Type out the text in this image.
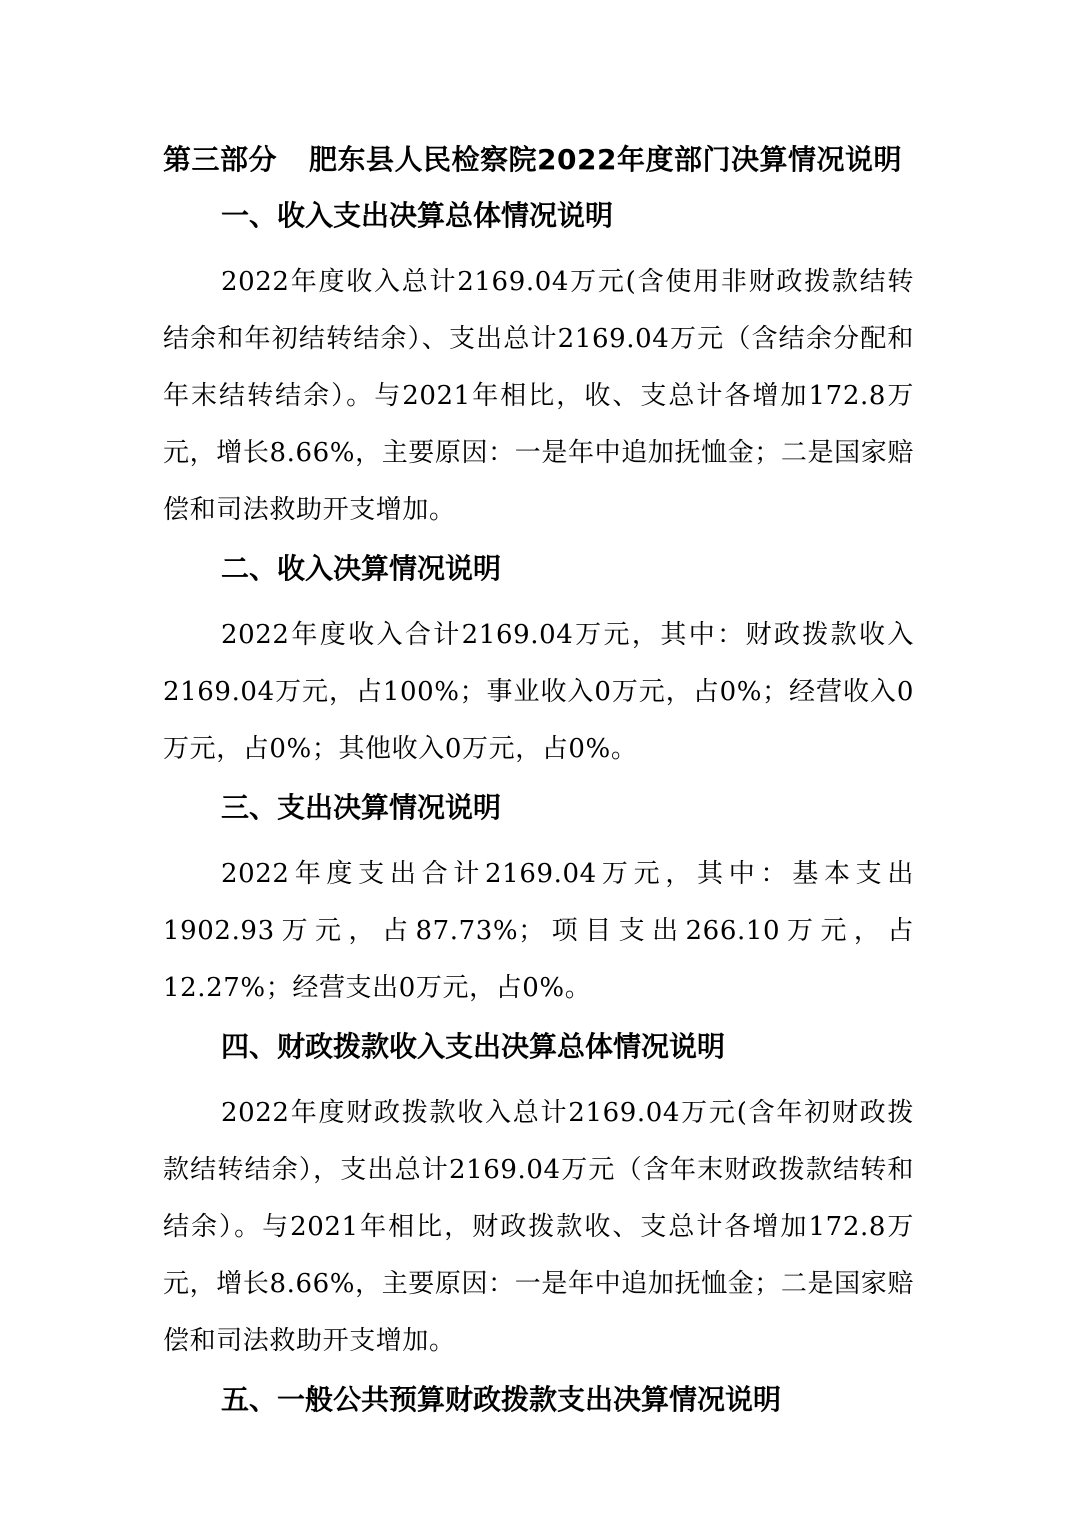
第三部分 肥东县人民检察院2022年度部门决算情况说明
一、收入支出决算总体情况说明

2022年度收入总计2169.04万元(含使用非财政拨款结转结余和年初结转结余）、支出总计2169.04万元（含结余分配和年末结转结余）。与2021年相比，收、支总计各增加172.8万元，增长8.66%，主要原因：一是年中追加抚恤金；二是国家赔偿和司法救助开支增加。

二、收入决算情况说明

2022年度收入合计2169.04万元，其中：财政拨款收入2169.04万元，占100%；事业收入0万元，占0%；经营收入0万元，占0%；其他收入0万元，占0%。

三、支出决算情况说明

2022年度支出合计2169.04万元，其中：基本支出1902.93万元，占87.73%；项目支出266.10万元，占12.27%；经营支出0万元，占0%。

四、财政拨款收入支出决算总体情况说明

2022年度财政拨款收入总计2169.04万元(含年初财政拨款结转结余），支出总计2169.04万元（含年末财政拨款结转和结余）。与2021年相比，财政拨款收、支总计各增加172.8万元，增长8.66%，主要原因：一是年中追加抚恤金；二是国家赔偿和司法救助开支增加。

五、一般公共预算财政拨款支出决算情况说明
